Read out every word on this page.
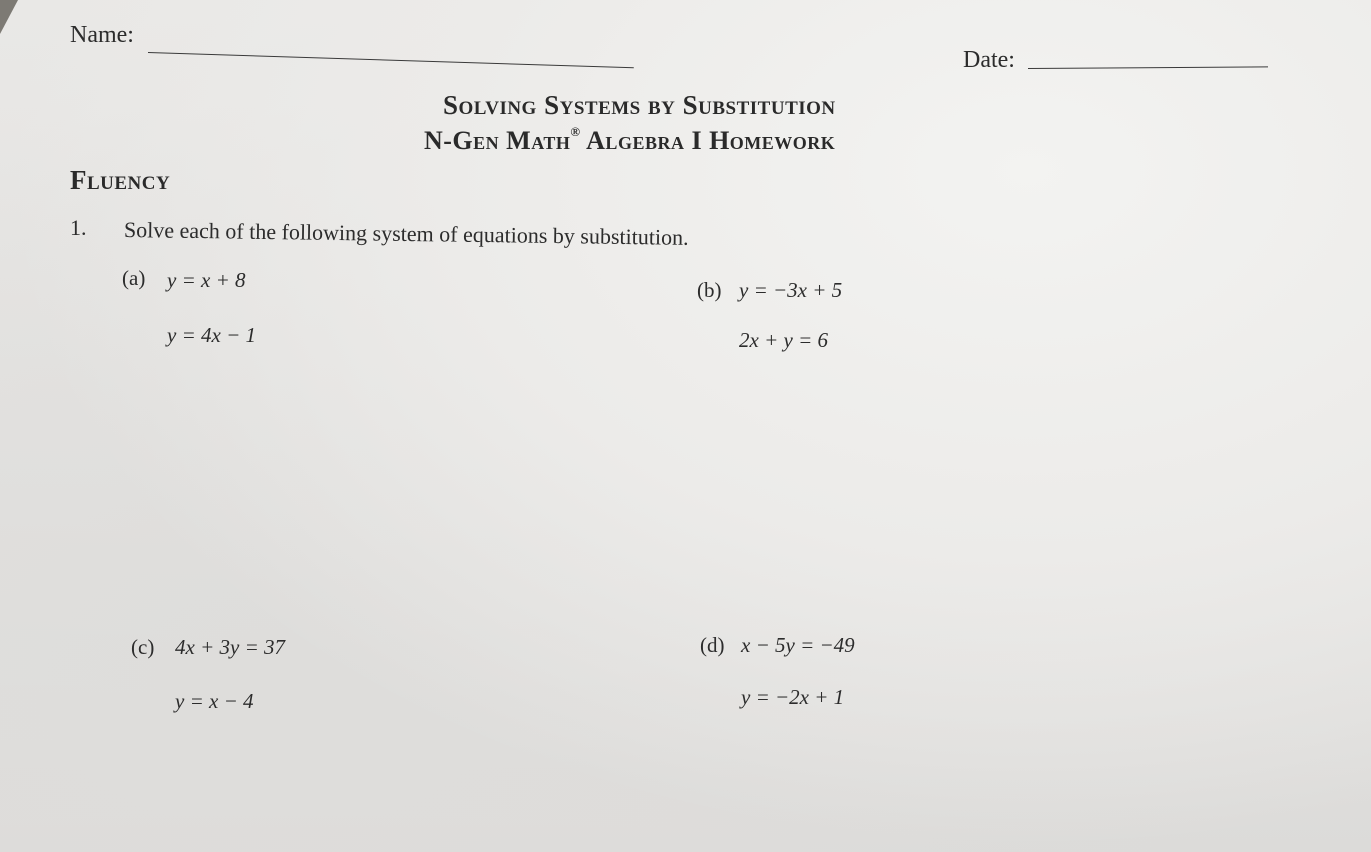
Name:
Date:
Solving Systems by Substitution
N-Gen Math® Algebra I Homework
Fluency
1. Solve each of the following system of equations by substitution.
(a) y = x + 8
y = 4x − 1
(b) y = −3x + 5
2x + y = 6
(c) 4x + 3y = 37
y = x − 4
(d) x − 5y = −49
y = −2x + 1
